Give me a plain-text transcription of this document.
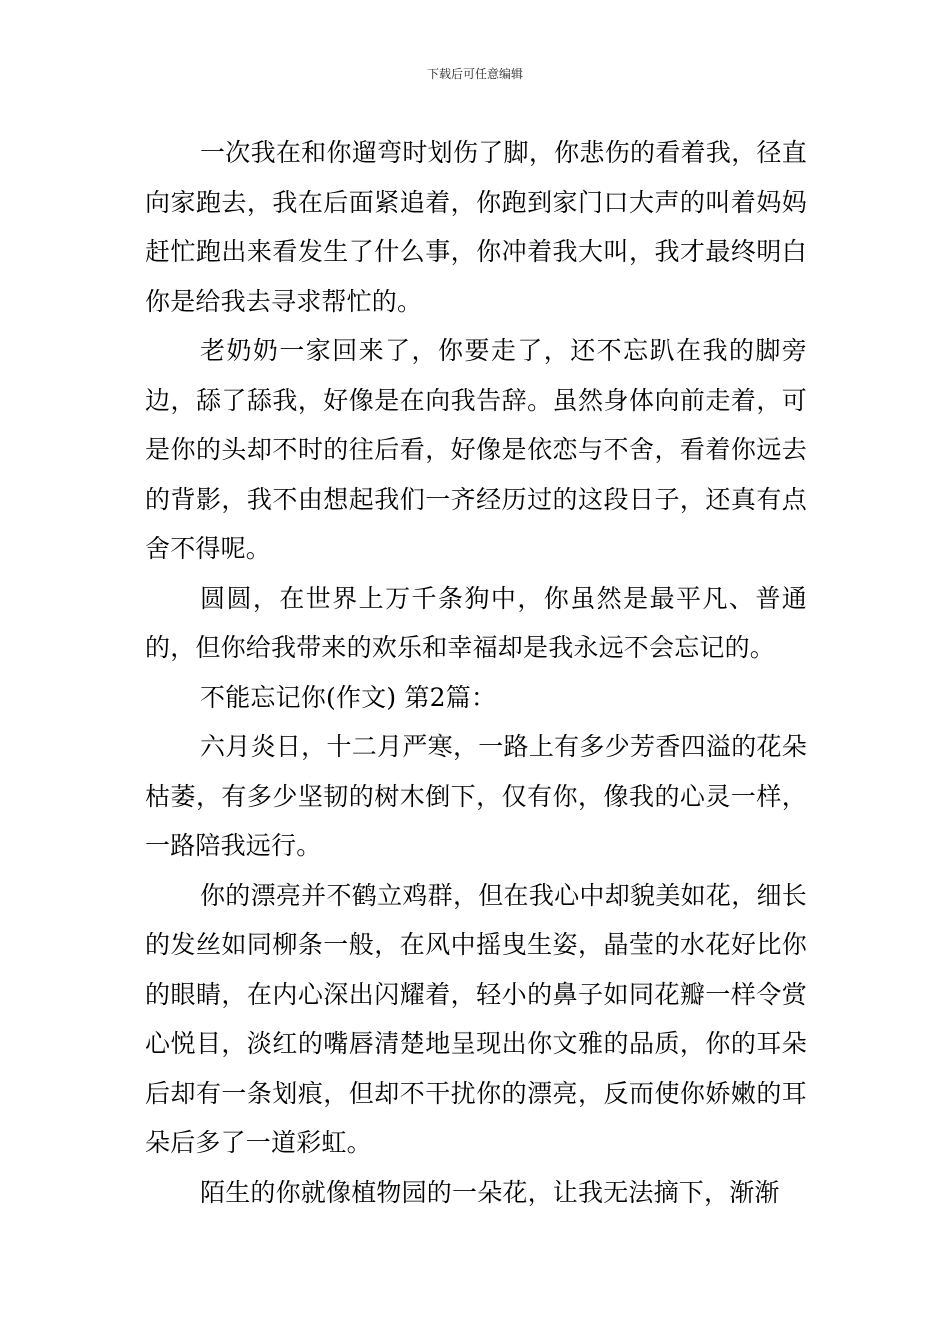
下载后可任意编辑

一次我在和你遛弯时划伤了脚，你悲伤的看着我，径直向家跑去，我在后面紧追着，你跑到家门口大声的叫着妈妈赶忙跑出来看发生了什么事，你冲着我大叫，我才最终明白你是给我去寻求帮忙的。

老奶奶一家回来了，你要走了，还不忘趴在我的脚旁边，舔了舔我，好像是在向我告辞。虽然身体向前走着，可是你的头却不时的往后看，好像是依恋与不舍，看着你远去的背影，我不由想起我们一齐经历过的这段日子，还真有点舍不得呢。

圆圆，在世界上万千条狗中，你虽然是最平凡、普通的，但你给我带来的欢乐和幸福却是我永远不会忘记的。

不能忘记你(作文) 第2篇：

六月炎日，十二月严寒，一路上有多少芳香四溢的花朵枯萎，有多少坚韧的树木倒下，仅有你，像我的心灵一样，一路陪我远行。

你的漂亮并不鹤立鸡群，但在我心中却貌美如花，细长的发丝如同柳条一般，在风中摇曳生姿，晶莹的水花好比你的眼睛，在内心深出闪耀着，轻小的鼻子如同花瓣一样令赏心悦目，淡红的嘴唇清楚地呈现出你文雅的品质，你的耳朵后却有一条划痕，但却不干扰你的漂亮，反而使你娇嫩的耳朵后多了一道彩虹。

陌生的你就像植物园的一朵花，让我无法摘下，渐渐
